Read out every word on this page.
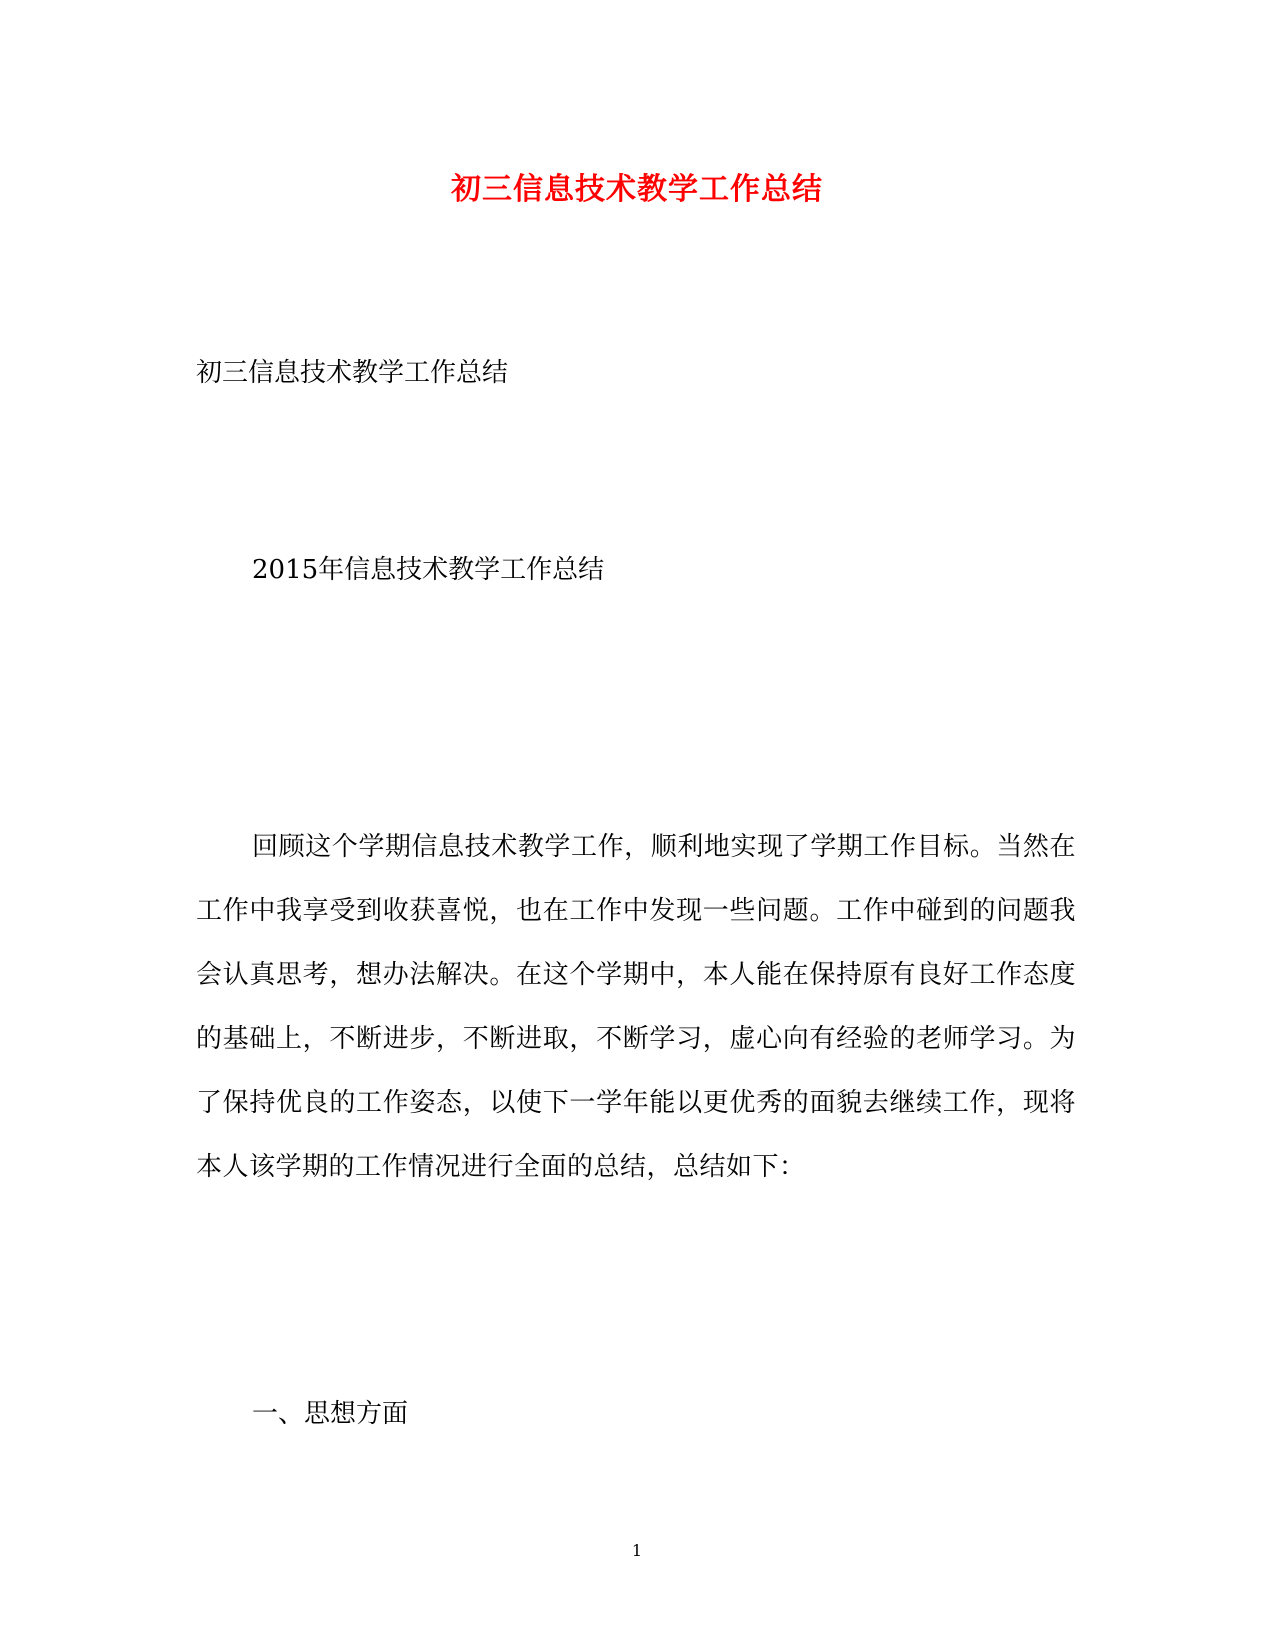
初三信息技术教学工作总结
初三信息技术教学工作总结
2015年信息技术教学工作总结
回顾这个学期信息技术教学工作，顺利地实现了学期工作目标。当然在工作中我享受到收获喜悦，也在工作中发现一些问题。工作中碰到的问题我会认真思考，想办法解决。在这个学期中，本人能在保持原有良好工作态度的基础上，不断进步，不断进取，不断学习，虚心向有经验的老师学习。为了保持优良的工作姿态，以使下一学年能以更优秀的面貌去继续工作，现将本人该学期的工作情况进行全面的总结，总结如下：
一、思想方面
1
